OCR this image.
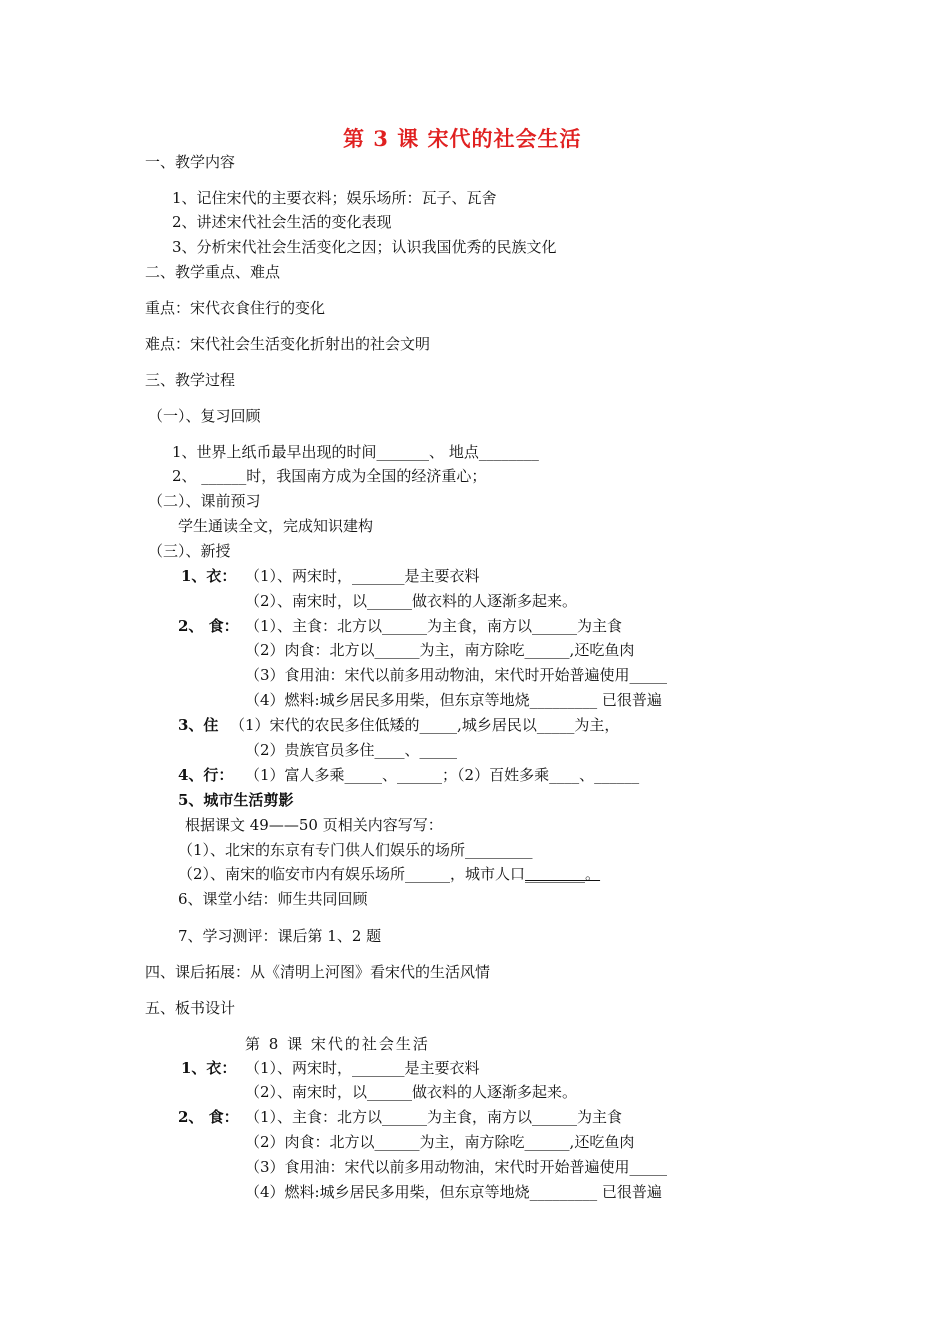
第 3 课 宋代的社会生活
一、教学内容
1、记住宋代的主要衣料；娱乐场所：瓦子、瓦舍
2、讲述宋代社会生活的变化表现
3、分析宋代社会生活变化之因；认识我国优秀的民族文化
二、教学重点、难点
重点：宋代衣食住行的变化
难点：宋代社会生活变化折射出的社会文明
三、教学过程
（一）、复习回顾
1、世界上纸币最早出现的时间_______、 地点________
2、 ______时，我国南方成为全国的经济重心；
（二）、课前预习
学生通读全文，完成知识建构
（三）、新授
1、衣： （1）、两宋时，_______是主要衣料
（2）、南宋时，以______做衣料的人逐渐多起来。
2、 食： （1）、主食：北方以______为主食，南方以______为主食
（2）肉食：北方以______为主，南方除吃______,还吃鱼肉
（3）食用油：宋代以前多用动物油，宋代时开始普遍使用_____
（4）燃料:城乡居民多用柴，但东京等地烧_________ 已很普遍
3、住 （1）宋代的农民多住低矮的_____,城乡居民以_____为主，
（2）贵族官员多住____、_____
4、行： （1）富人多乘_____、______；（2）百姓多乘____、______
5、城市生活剪影
根据课文 49——50 页相关内容写写：
（1）、北宋的东京有专门供人们娱乐的场所_________
（2）、南宋的临安市内有娱乐场所______，城市人口________。
6、课堂小结：师生共同回顾
7、学习测评：课后第 1、2 题
四、课后拓展：从《清明上河图》看宋代的生活风情
五、板书设计
第 8 课 宋代的社会生活
1、衣： （1）、两宋时，_______是主要衣料
（2）、南宋时，以______做衣料的人逐渐多起来。
2、 食： （1）、主食：北方以______为主食，南方以______为主食
（2）肉食：北方以______为主，南方除吃______,还吃鱼肉
（3）食用油：宋代以前多用动物油，宋代时开始普遍使用_____
（4）燃料:城乡居民多用柴，但东京等地烧_________ 已很普遍
